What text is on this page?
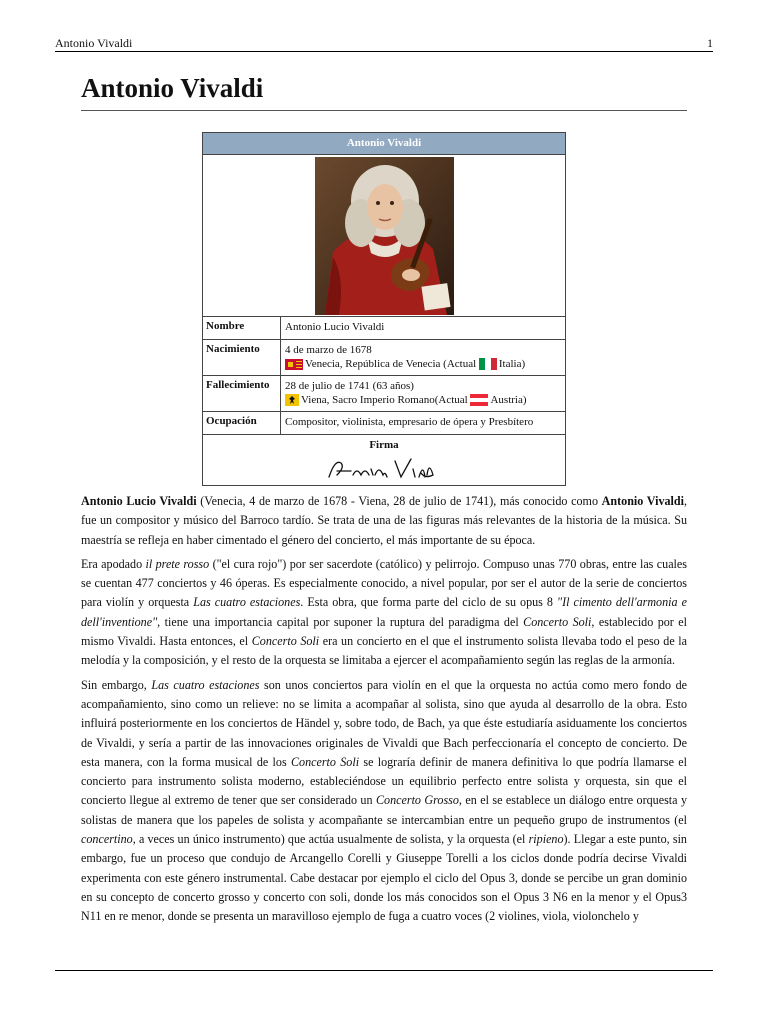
Antonio Vivaldi	1
Antonio Vivaldi
Antonio Vivaldi
Nombre	Antonio Lucio Vivaldi
Nacimiento	4 de marzo de 1678
Venecia, República de Venecia (Actual Italia)
Fallecimiento	28 de julio de 1741 (63 años)
Viena, Sacro Imperio Romano(Actual Austria)
Ocupación	Compositor, violinista, empresario de ópera y Presbítero
Firma

Antonio Lucio Vivaldi (Venecia, 4 de marzo de 1678 - Viena, 28 de julio de 1741), más conocido como Antonio Vivaldi, fue un compositor y músico del Barroco tardío. Se trata de una de las figuras más relevantes de la historia de la música. Su maestría se refleja en haber cimentado el género del concierto, el más importante de su época.

Era apodado il prete rosso ("el cura rojo") por ser sacerdote (católico) y pelirrojo. Compuso unas 770 obras, entre las cuales se cuentan 477 conciertos y 46 óperas. Es especialmente conocido, a nivel popular, por ser el autor de la serie de conciertos para violín y orquesta Las cuatro estaciones. Esta obra, que forma parte del ciclo de su opus 8 "Il cimento dell'armonia e dell'inventione", tiene una importancia capital por suponer la ruptura del paradigma del Concerto Soli, establecido por el mismo Vivaldi. Hasta entonces, el Concerto Soli era un concierto en el que el instrumento solista llevaba todo el peso de la melodía y la composición, y el resto de la orquesta se limitaba a ejercer el acompañamiento según las reglas de la armonía.

Sin embargo, Las cuatro estaciones son unos conciertos para violín en el que la orquesta no actúa como mero fondo de acompañamiento, sino como un relieve: no se limita a acompañar al solista, sino que ayuda al desarrollo de la obra. Esto influirá posteriormente en los conciertos de Händel y, sobre todo, de Bach, ya que éste estudiaría asiduamente los conciertos de Vivaldi, y sería a partir de las innovaciones originales de Vivaldi que Bach perfeccionaría el concepto de concierto. De esta manera, con la forma musical de los Concerto Soli se lograría definir de manera definitiva lo que podría llamarse el concierto para instrumento solista moderno, estableciéndose un equilibrio perfecto entre solista y orquesta, sin que el concierto llegue al extremo de tener que ser considerado un Concerto Grosso, en el se establece un diálogo entre orquesta y solistas de manera que los papeles de solista y acompañante se intercambian entre un pequeño grupo de instrumentos (el concertino, a veces un único instrumento) que actúa usualmente de solista, y la orquesta (el ripieno). Llegar a este punto, sin embargo, fue un proceso que condujo de Arcangello Corelli y Giuseppe Torelli a los ciclos donde podría decirse Vivaldi experimenta con este género instrumental. Cabe destacar por ejemplo el ciclo del Opus 3, donde se percibe un gran dominio en su concepto de concerto grosso y concerto con soli, donde los más conocidos son el Opus 3 N6 en la menor y el Opus3 N11 en re menor, donde se presenta un maravilloso ejemplo de fuga a cuatro voces (2 violines, viola, violonchelo y
